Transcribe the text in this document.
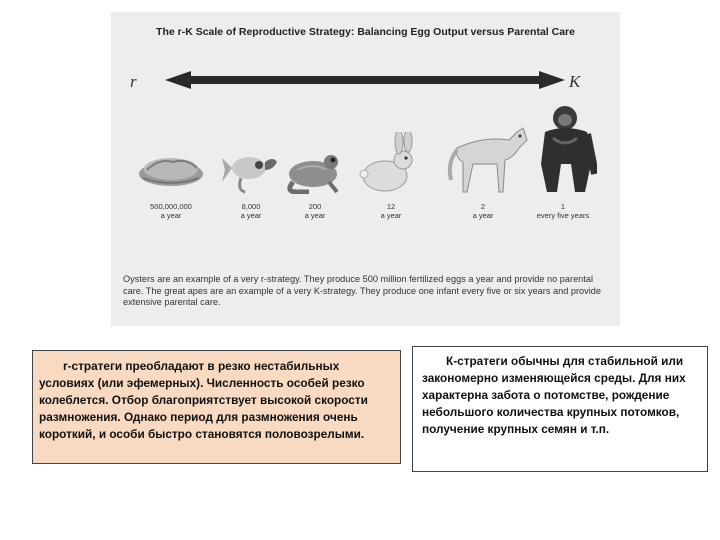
The r-K Scale of Reproductive Strategy: Balancing Egg Output versus Parental Care
r	K
500,000,000
a year
8,000
a year
200
a year
12
a year
2
a year
1
every five years
Oysters are an example of a very r-strategy. They produce 500 million fertilized eggs a year and provide no parental care. The great apes are an example of a very K-strategy. They produce one infant every five or six years and provide extensive parental care.

r-стратеги преобладают в резко нестабильных условиях (или эфемерных). Численность особей резко колеблется. Отбор благоприятствует высокой скорости размножения. Однако период для размножения очень короткий, и особи быстро становятся половозрелыми.

К-стратеги обычны для стабильной или закономерно изменяющейся среды. Для них характерна забота о потомстве, рождение небольшого количества крупных потомков, получение крупных семян и т.п.
